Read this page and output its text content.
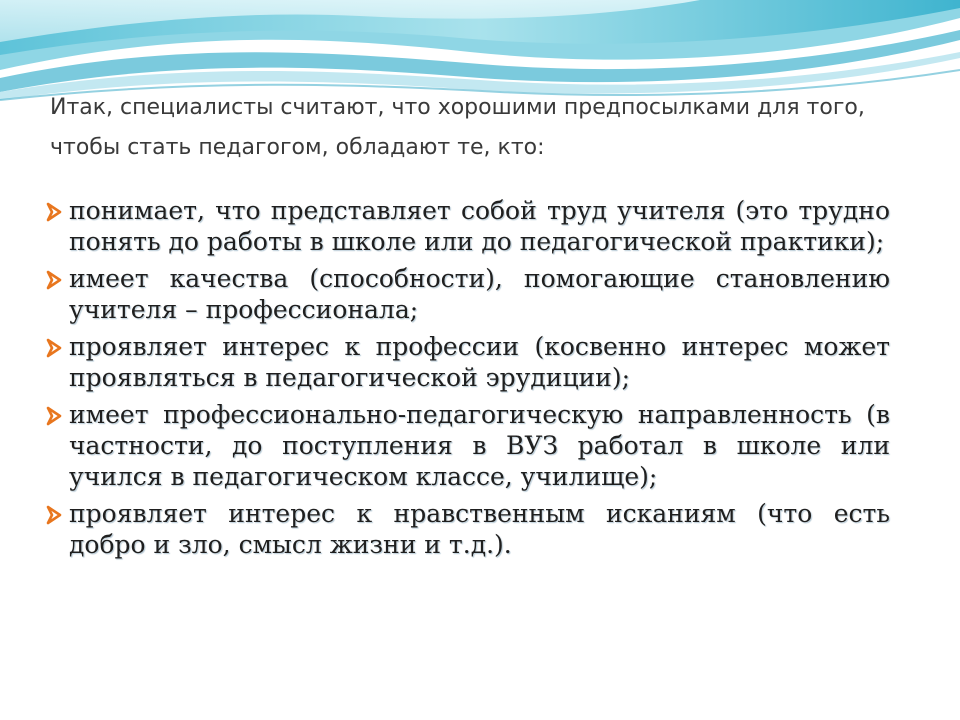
Итак, специалисты считают, что хорошими предпосылками для того, чтобы стать педагогом, обладают те, кто:

понимает, что представляет собой труд учителя (это трудно понять до работы в школе или до педагогической практики);

имеет качества (способности), помогающие становлению учителя – профессионала;

проявляет интерес к профессии (косвенно интерес может проявляться в педагогической эрудиции);

имеет профессионально-педагогическую направленность (в частности, до поступления в ВУЗ работал в школе или учился в педагогическом классе, училище);

проявляет интерес к нравственным исканиям (что есть добро и зло, смысл жизни и т.д.).
